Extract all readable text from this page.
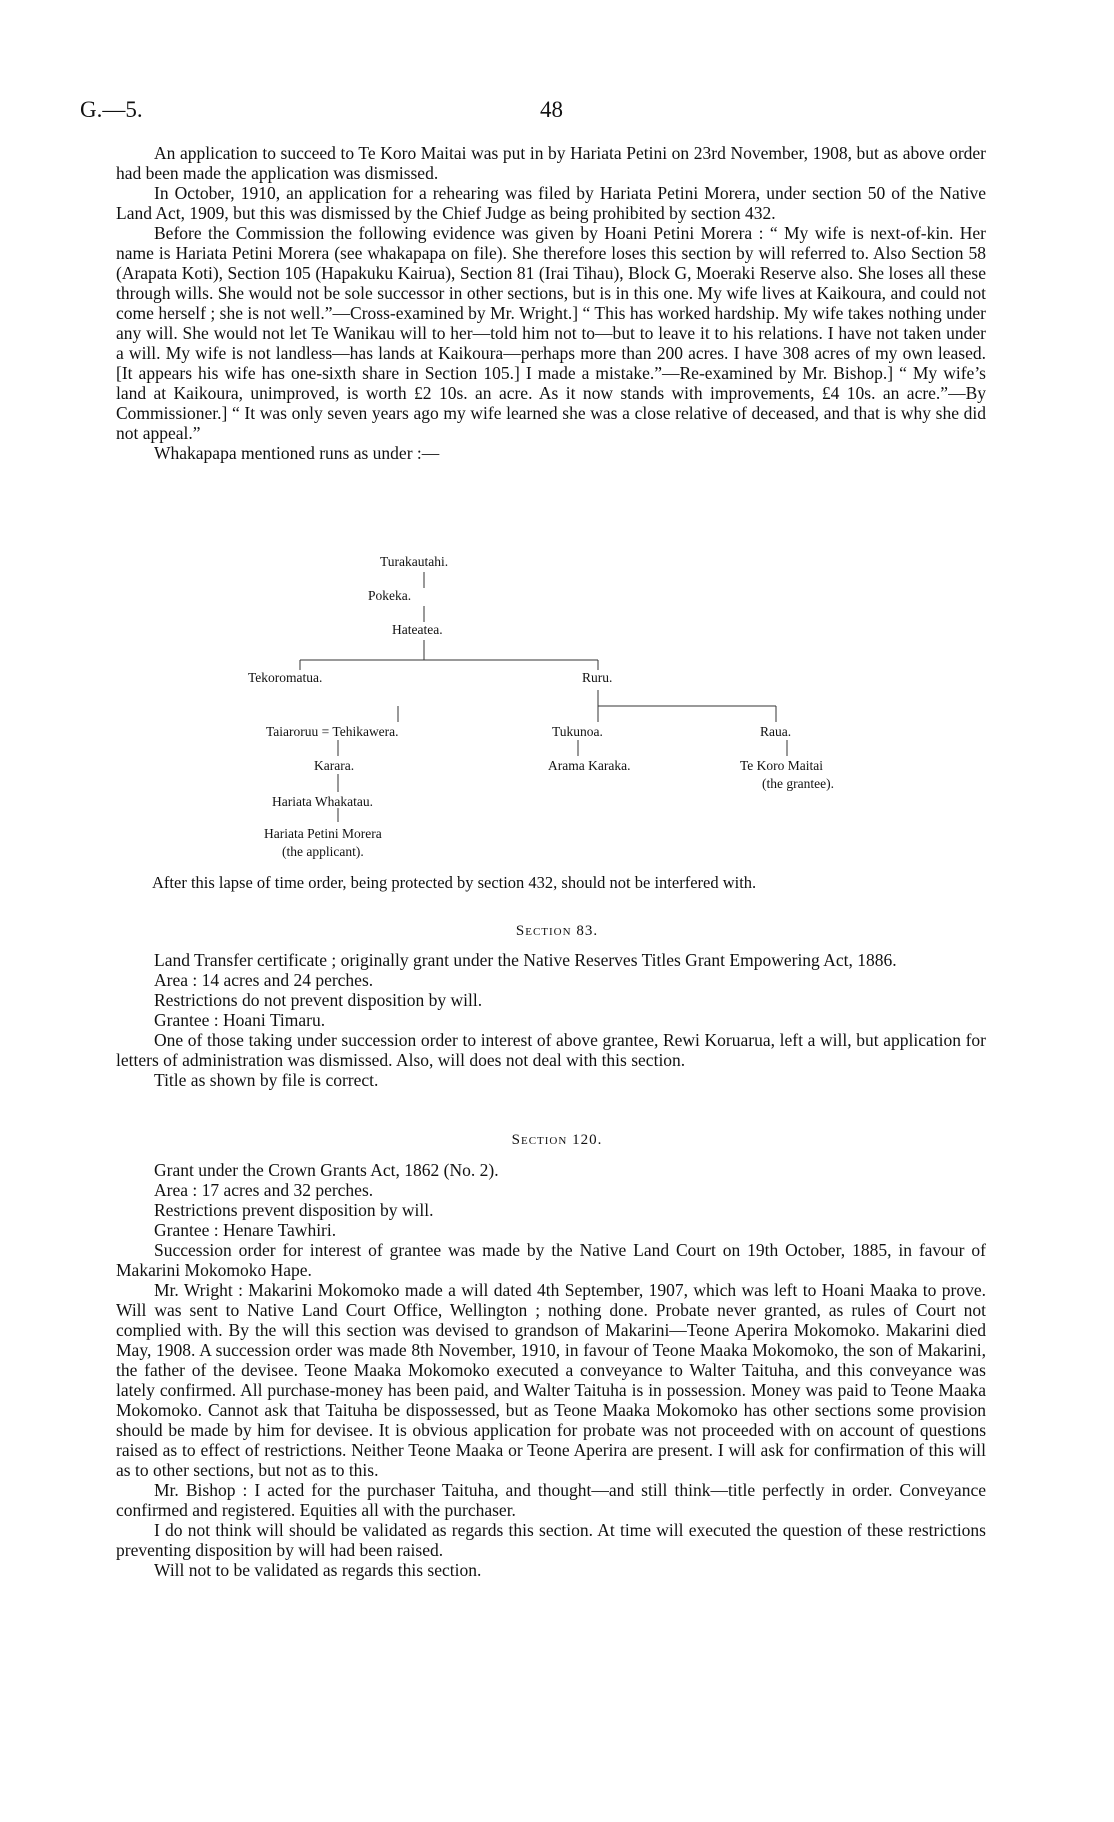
G.—5.	48

An application to succeed to Te Koro Maitai was put in by Hariata Petini on 23rd November, 1908, but as above order had been made the application was dismissed.

In October, 1910, an application for a rehearing was filed by Hariata Petini Morera, under section 50 of the Native Land Act, 1909, but this was dismissed by the Chief Judge as being prohibited by section 432.

Before the Commission the following evidence was given by Hoani Petini Morera : “ My wife is next-of-kin. Her name is Hariata Petini Morera (see whakapapa on file). She therefore loses this section by will referred to. Also Section 58 (Arapata Koti), Section 105 (Hapakuku Kairua), Section 81 (Irai Tihau), Block G, Moeraki Reserve also. She loses all these through wills. She would not be sole successor in other sections, but is in this one. My wife lives at Kaikoura, and could not come herself ; she is not well.”—Cross-examined by Mr. Wright.] “ This has worked hardship. My wife takes nothing under any will. She would not let Te Wanikau will to her—told him not to—but to leave it to his relations. I have not taken under a will. My wife is not landless—has lands at Kaikoura—perhaps more than 200 acres. I have 308 acres of my own leased. [It appears his wife has one-sixth share in Section 105.] I made a mistake.”—Re-examined by Mr. Bishop.] “ My wife’s land at Kaikoura, unimproved, is worth £2 10s. an acre. As it now stands with improvements, £4 10s. an acre.”—By Commissioner.] “ It was only seven years ago my wife learned she was a close relative of deceased, and that is why she did not appeal.”

Whakapapa mentioned runs as under :—

Turakautahi.
Pokeka.
Hateatea.
Tekoromatua.	Ruru.
Taiaroruu = Tehikawera.	Tukunoa.	Raua.
Karara.	Arama Karaka.	Te Koro Maitai
(the grantee).
Hariata Whakatau.
Hariata Petini Morera
(the applicant).
After this lapse of time order, being protected by section 432, should not be interfered with.
Section 83.

Land Transfer certificate ; originally grant under the Native Reserves Titles Grant Empowering Act, 1886.

Area : 14 acres and 24 perches.

Restrictions do not prevent disposition by will.

Grantee : Hoani Timaru.

One of those taking under succession order to interest of above grantee, Rewi Koruarua, left a will, but application for letters of administration was dismissed. Also, will does not deal with this section.

Title as shown by file is correct.

Section 120.

Grant under the Crown Grants Act, 1862 (No. 2).

Area : 17 acres and 32 perches.

Restrictions prevent disposition by will.

Grantee : Henare Tawhiri.

Succession order for interest of grantee was made by the Native Land Court on 19th October, 1885, in favour of Makarini Mokomoko Hape.

Mr. Wright : Makarini Mokomoko made a will dated 4th September, 1907, which was left to Hoani Maaka to prove. Will was sent to Native Land Court Office, Wellington ; nothing done. Probate never granted, as rules of Court not complied with. By the will this section was devised to grandson of Makarini—Teone Aperira Mokomoko. Makarini died May, 1908. A succession order was made 8th November, 1910, in favour of Teone Maaka Mokomoko, the son of Makarini, the father of the devisee. Teone Maaka Mokomoko executed a conveyance to Walter Taituha, and this conveyance was lately confirmed. All purchase-money has been paid, and Walter Taituha is in possession. Money was paid to Teone Maaka Mokomoko. Cannot ask that Taituha be dispossessed, but as Teone Maaka Mokomoko has other sections some provision should be made by him for devisee. It is obvious application for probate was not proceeded with on account of questions raised as to effect of restrictions. Neither Teone Maaka or Teone Aperira are present. I will ask for confirmation of this will as to other sections, but not as to this.

Mr. Bishop : I acted for the purchaser Taituha, and thought—and still think—title perfectly in order. Conveyance confirmed and registered. Equities all with the purchaser.

I do not think will should be validated as regards this section. At time will executed the question of these restrictions preventing disposition by will had been raised.

Will not to be validated as regards this section.
